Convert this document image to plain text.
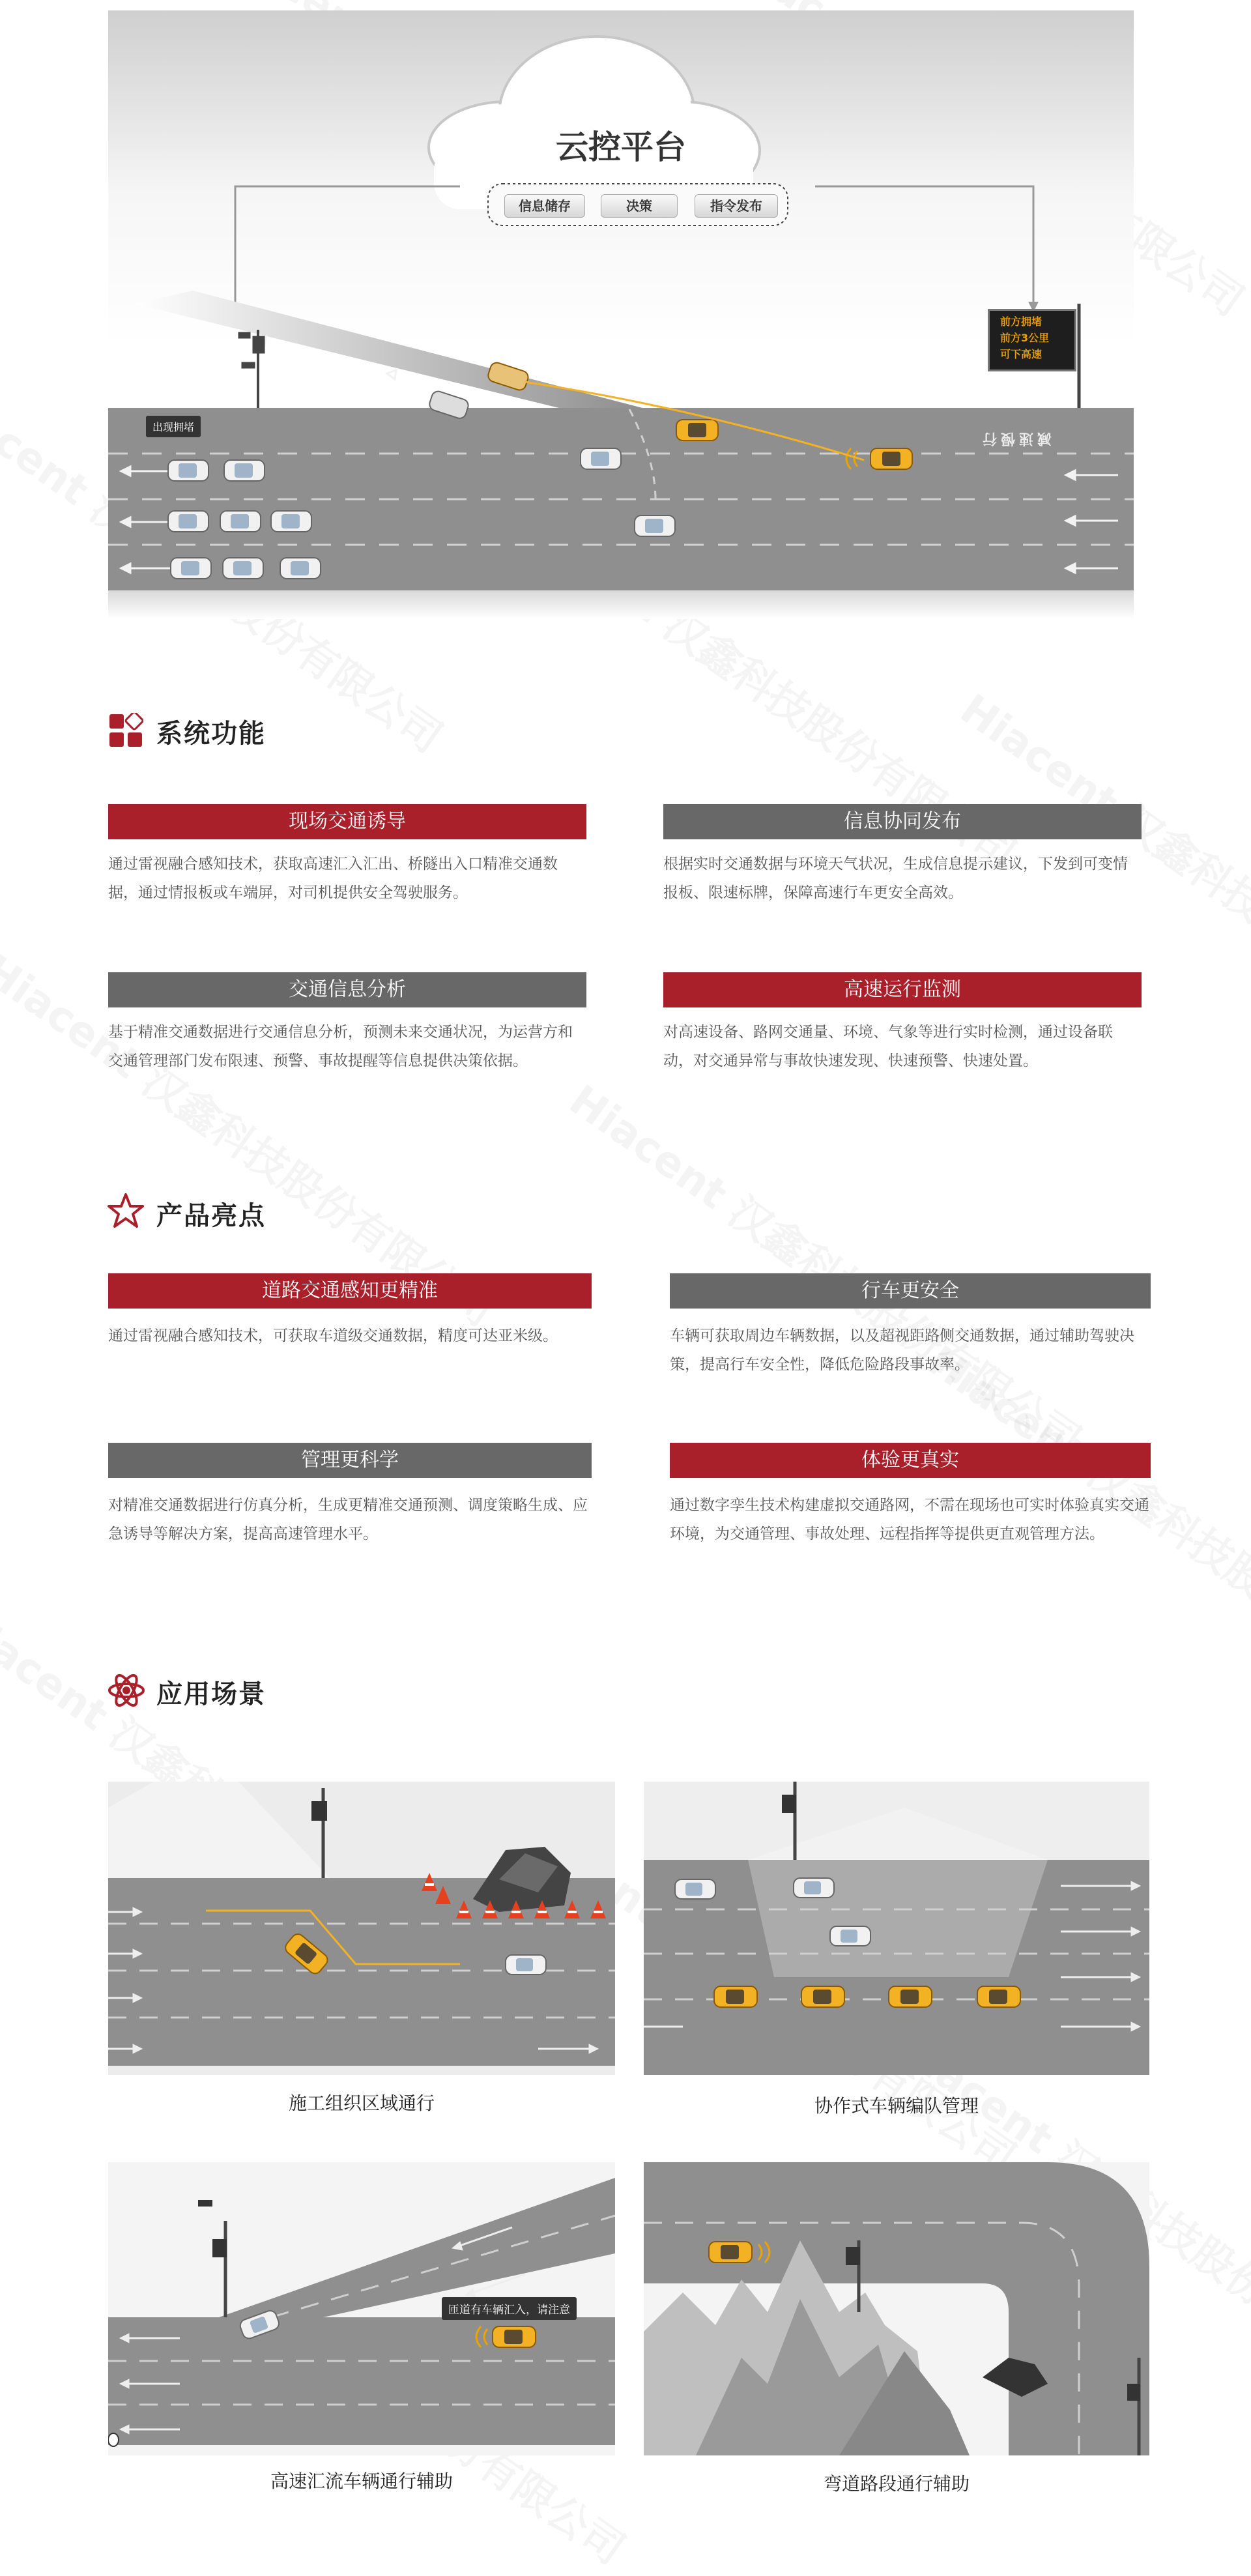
云控平台
信息储存	决策	指令发布
前方拥堵
前方3公里
可下高速
出现拥堵
减速慢行
系统功能
现场交通诱导
通过雷视融合感知技术，获取高速汇入汇出、桥隧出入口精准交通数据，通过情报板或车端屏，对司机提供安全驾驶服务。
信息协同发布
根据实时交通数据与环境天气状况，生成信息提示建议，下发到可变情报板、限速标牌，保障高速行车更安全高效。
交通信息分析
基于精准交通数据进行交通信息分析，预测未来交通状况，为运营方和交通管理部门发布限速、预警、事故提醒等信息提供决策依据。
高速运行监测
对高速设备、路网交通量、环境、气象等进行实时检测，通过设备联动，对交通异常与事故快速发现、快速预警、快速处置。
产品亮点
道路交通感知更精准
通过雷视融合感知技术，可获取车道级交通数据，精度可达亚米级。
行车更安全
车辆可获取周边车辆数据，以及超视距路侧交通数据，通过辅助驾驶决策，提高行车安全性，降低危险路段事故率。
管理更科学
对精准交通数据进行仿真分析，生成更精准交通预测、调度策略生成、应急诱导等解决方案，提高高速管理水平。
体验更真实
通过数字孪生技术构建虚拟交通路网，不需在现场也可实时体验真实交通环境，为交通管理、事故处理、远程指挥等提供更直观管理方法。
应用场景
施工组织区域通行	协作式车辆编队管理
匝道有车辆汇入，请注意
高速汇流车辆通行辅助	弯道路段通行辅助
